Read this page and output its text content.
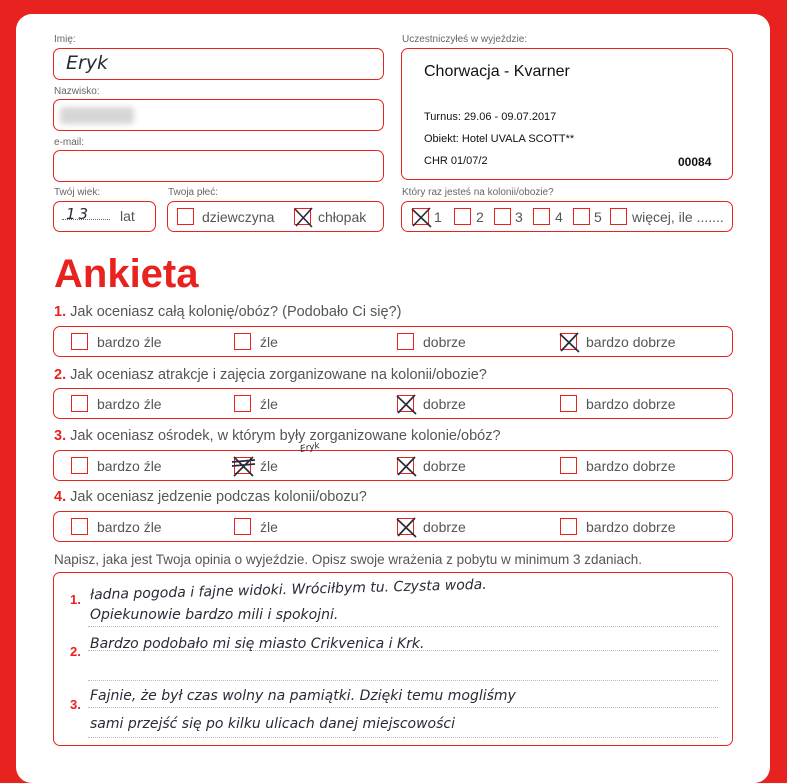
Imię:
Eryk
Nazwisko:
e-mail:
Twój wiek:
13 lat
Twoja płeć:
dziewczyna	chłopak
Uczestniczyłeś w wyjeździe:
Chorwacja - Kvarner
Turnus: 29.06 - 09.07.2017
Obiekt: Hotel UVALA SCOTT**
CHR 01/07/2	00084
Który raz jesteś na kolonii/obozie?
1 2 3 4 5 więcej, ile .......
Ankieta
1. Jak oceniasz całą kolonię/obóz? (Podobało Ci się?)
2. Jak oceniasz atrakcje i zajęcia zorganizowane na kolonii/obozie?
3. Jak oceniasz ośrodek, w którym były zorganizowane kolonie/obóz?
Eryk
4. Jak oceniasz jedzenie podczas kolonii/obozu?
bardzo źle	źle	dobrze	bardzo dobrze
bardzo źle	źle	dobrze	bardzo dobrze
bardzo źle	źle	dobrze	bardzo dobrze
bardzo źle	źle	dobrze	bardzo dobrze
Napisz, jaka jest Twoja opinia o wyjeździe. Opisz swoje wrażenia z pobytu w minimum 3 zdaniach.
1. ładna pogoda i fajne widoki. Wróciłbym tu. Czysta woda.
Opiekunowie bardzo mili i spokojni.
2. Bardzo podobało mi się miasto Crikvenica i Krk.
3.
Fajnie, że był czas wolny na pamiątki. Dzięki temu mogliśmy
sami przejść się po kilku ulicach danej miejscowości
